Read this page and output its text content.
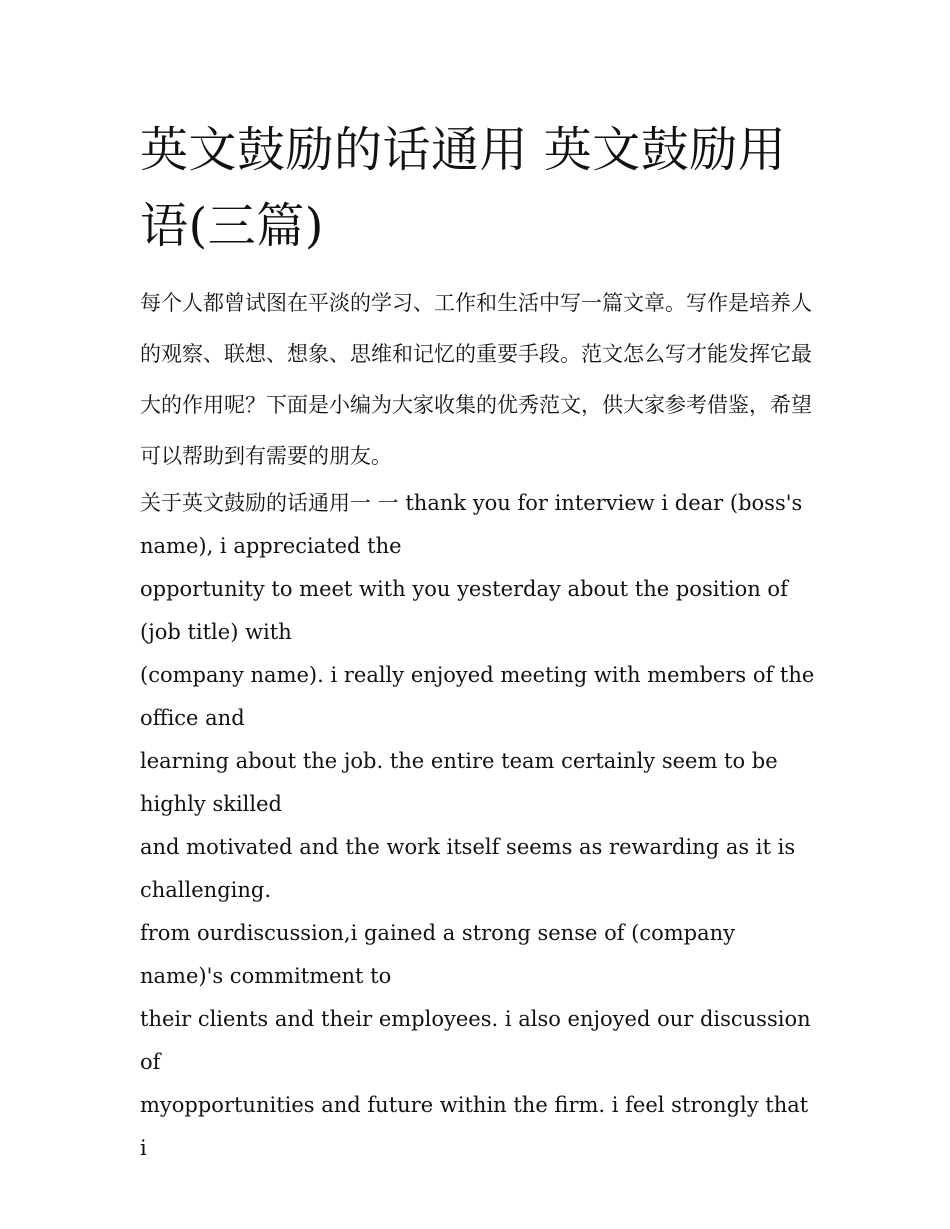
英文鼓励的话通用 英文鼓励用语(三篇)

每个人都曾试图在平淡的学习、工作和生活中写一篇文章。写作是培养人的观察、联想、想象、思维和记忆的重要手段。范文怎么写才能发挥它最大的作用呢？下面是小编为大家收集的优秀范文，供大家参考借鉴，希望可以帮助到有需要的朋友。

关于英文鼓励的话通用一 一 thank you for interview i dear (boss's name), i appreciated the
opportunity to meet with you yesterday about the position of (job title) with
(company name). i really enjoyed meeting with members of the office and
learning about the job. the entire team certainly seem to be highly skilled
and motivated and the work itself seems as rewarding as it is challenging.
from ourdiscussion,i gained a strong sense of (company name)'s commitment to
their clients and their employees. i also enjoyed our discussion of
myopportunities and future within the firm. i feel strongly that i
